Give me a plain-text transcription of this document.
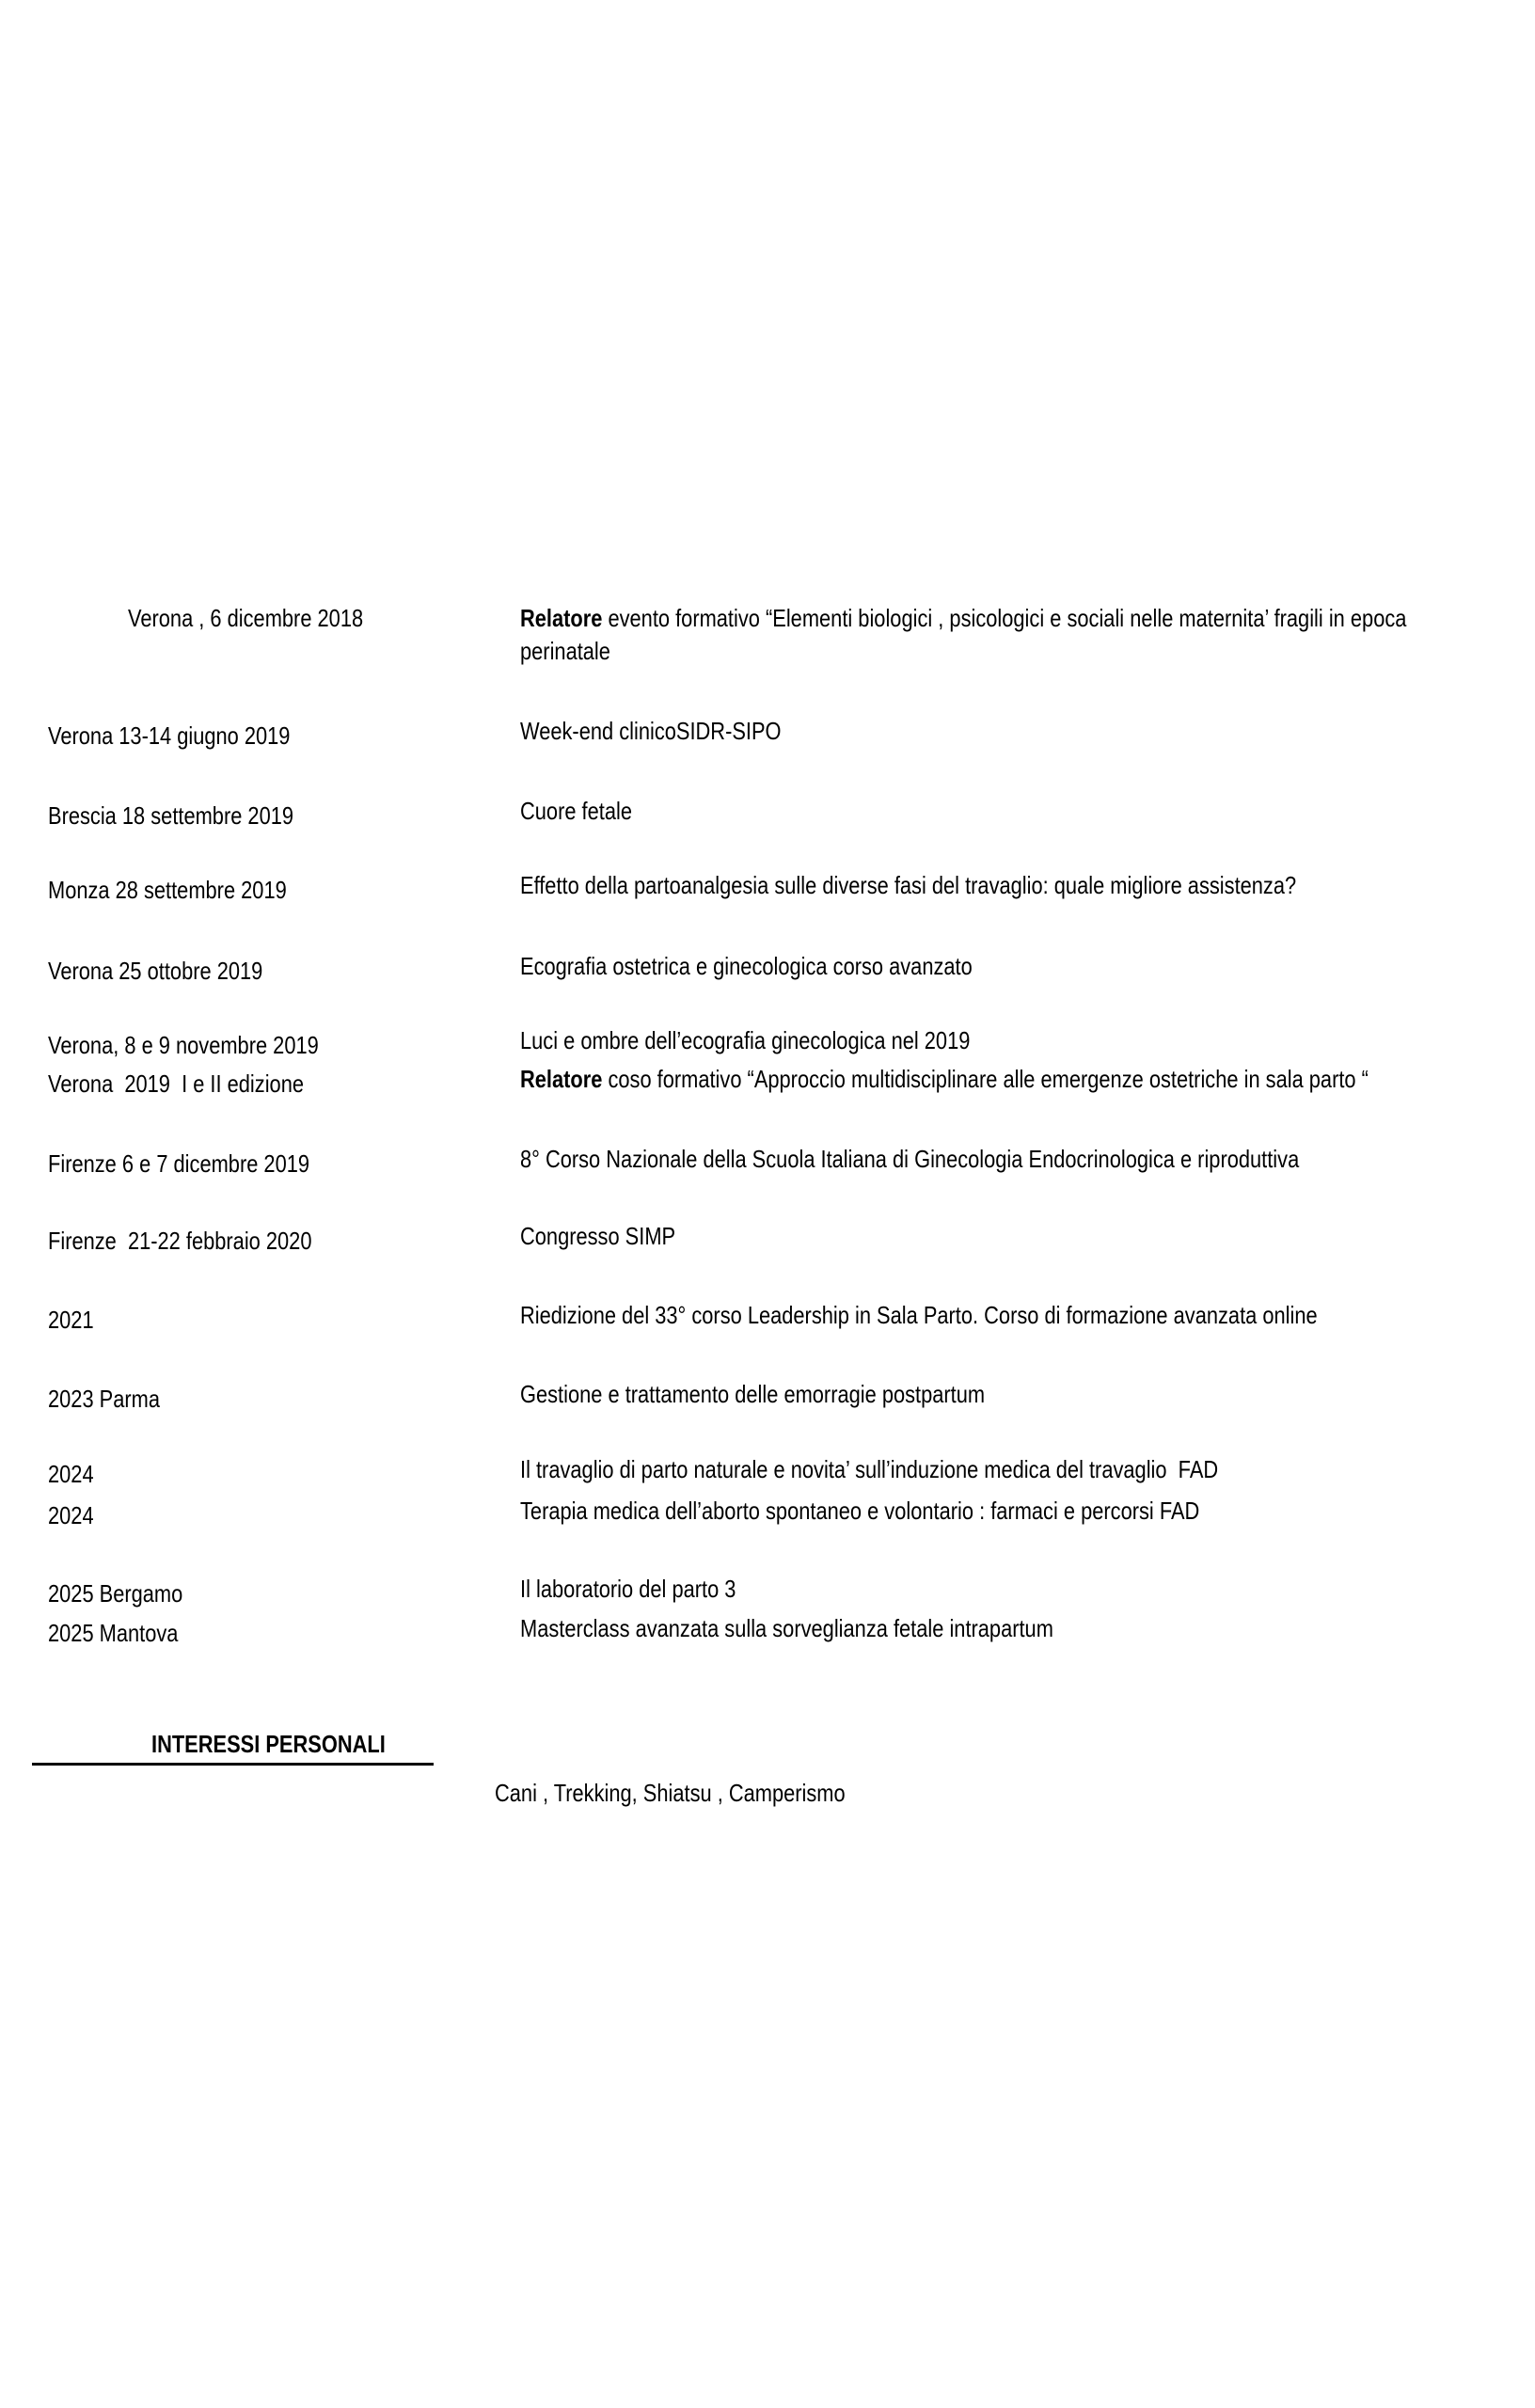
Verona , 6 dicembre 2018	Relatore evento formativo “Elementi biologici , psicologici e sociali nelle maternita’ fragili in epoca perinatale
Verona 13-14 giugno 2019	Week-end clinicoSIDR-SIPO
Brescia 18 settembre 2019	Cuore fetale
Monza 28 settembre 2019	Effetto della partoanalgesia sulle diverse fasi del travaglio: quale migliore assistenza?
Verona 25 ottobre 2019	Ecografia ostetrica e ginecologica corso avanzato
Verona, 8 e 9 novembre 2019	Luci e ombre dell’ecografia ginecologica nel 2019
Verona  2019  I e II edizione	Relatore coso formativo “Approccio multidisciplinare alle emergenze ostetriche in sala parto “
Firenze 6 e 7 dicembre 2019	8° Corso Nazionale della Scuola Italiana di Ginecologia Endocrinologica e riproduttiva
Firenze  21-22 febbraio 2020	Congresso SIMP
2021	Riedizione del 33° corso Leadership in Sala Parto. Corso di formazione avanzata online
2023 Parma	Gestione e trattamento delle emorragie postpartum
2024	Il travaglio di parto naturale e novita’ sull’induzione medica del travaglio  FAD
2024	Terapia medica dell’aborto spontaneo e volontario : farmaci e percorsi FAD
2025 Bergamo	Il laboratorio del parto 3
2025 Mantova	Masterclass avanzata sulla sorveglianza fetale intrapartum
INTERESSI PERSONALI
Cani , Trekking, Shiatsu , Camperismo
